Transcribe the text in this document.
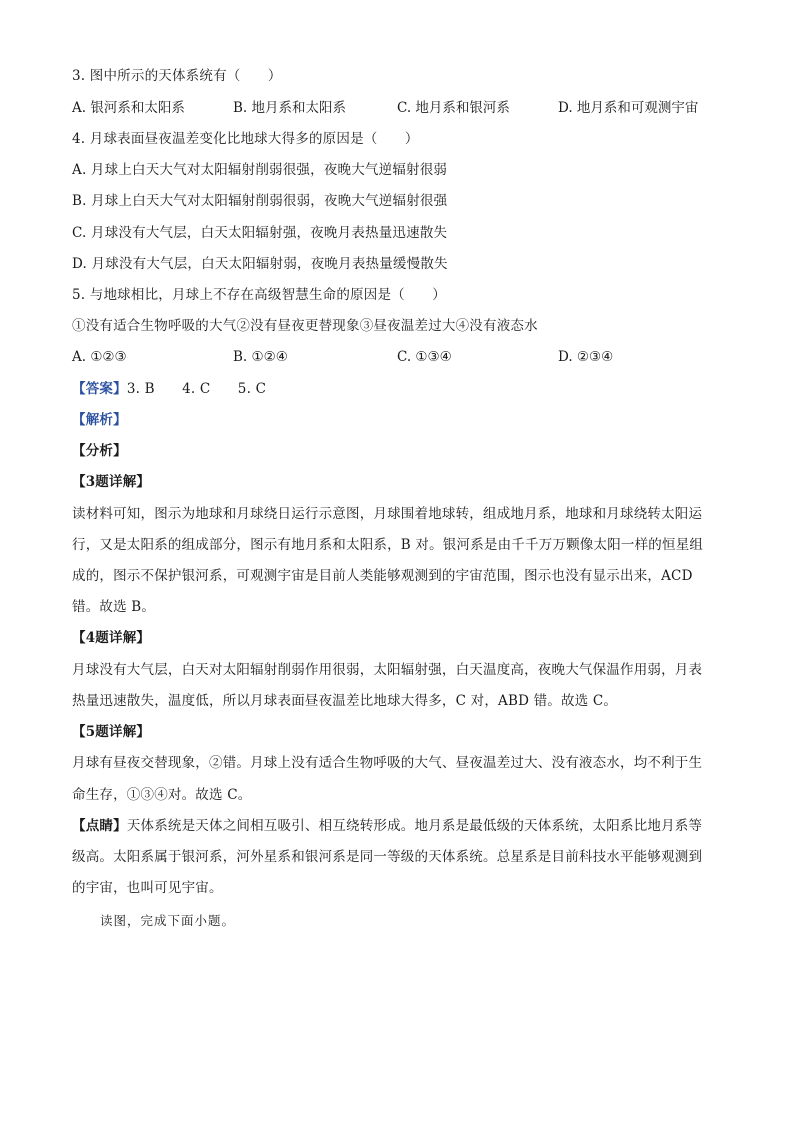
3. 图中所示的天体系统有（　　）
A. 银河系和太阳系	B. 地月系和太阳系	C. 地月系和银河系	D. 地月系和可观测宇宙
4. 月球表面昼夜温差变化比地球大得多的原因是（　　）
A. 月球上白天大气对太阳辐射削弱很强，夜晚大气逆辐射很弱
B. 月球上白天大气对太阳辐射削弱很弱，夜晚大气逆辐射很强
C. 月球没有大气层，白天太阳辐射强，夜晚月表热量迅速散失
D. 月球没有大气层，白天太阳辐射弱，夜晚月表热量缓慢散失
5. 与地球相比，月球上不存在高级智慧生命的原因是（　　）
①没有适合生物呼吸的大气②没有昼夜更替现象③昼夜温差过大④没有液态水
A. ①②③	B. ①②④	C. ①③④	D. ②③④
【答案】3. B　　4. C　　5. C
【解析】
【分析】
【3题详解】
读材料可知，图示为地球和月球绕日运行示意图，月球围着地球转，组成地月系，地球和月球绕转太阳运
行，又是太阳系的组成部分，图示有地月系和太阳系，B 对。银河系是由千千万万颗像太阳一样的恒星组
成的，图示不保护银河系，可观测宇宙是目前人类能够观测到的宇宙范围，图示也没有显示出来，ACD
错。故选 B。
【4题详解】
月球没有大气层，白天对太阳辐射削弱作用很弱，太阳辐射强，白天温度高，夜晚大气保温作用弱，月表
热量迅速散失，温度低，所以月球表面昼夜温差比地球大得多，C 对，ABD 错。故选 C。
【5题详解】
月球有昼夜交替现象，②错。月球上没有适合生物呼吸的大气、昼夜温差过大、没有液态水，均不利于生
命生存，①③④对。故选 C。
【点睛】天体系统是天体之间相互吸引、相互绕转形成。地月系是最低级的天体系统，太阳系比地月系等
级高。太阳系属于银河系，河外星系和银河系是同一等级的天体系统。总星系是目前科技水平能够观测到
的宇宙，也叫可见宇宙。
读图，完成下面小题。
